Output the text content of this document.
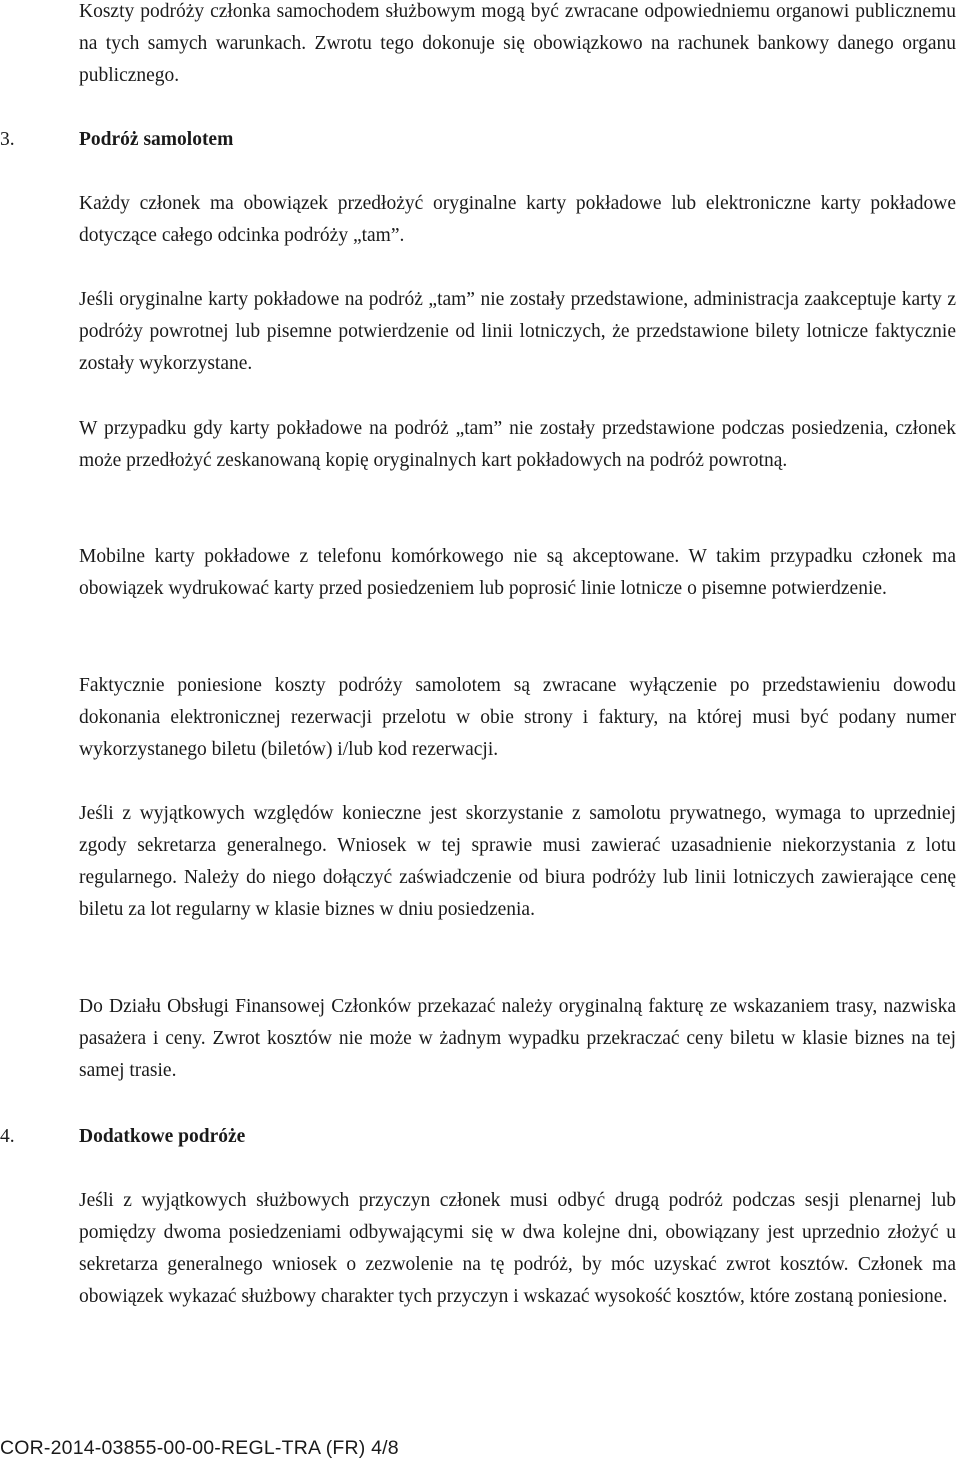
Koszty podróży członka samochodem służbowym mogą być zwracane odpowiedniemu organowi publicznemu na tych samych warunkach. Zwrotu tego dokonuje się obowiązkowo na rachunek bankowy danego organu publicznego.

3.	Podróż samolotem

Każdy członek ma obowiązek przedłożyć oryginalne karty pokładowe lub elektroniczne karty pokładowe dotyczące całego odcinka podróży „tam”.

Jeśli oryginalne karty pokładowe na podróż „tam” nie zostały przedstawione, administracja zaakceptuje karty z podróży powrotnej lub pisemne potwierdzenie od linii lotniczych, że przedstawione bilety lotnicze faktycznie zostały wykorzystane.

W przypadku gdy karty pokładowe na podróż „tam” nie zostały przedstawione podczas posiedzenia, członek może przedłożyć zeskanowaną kopię oryginalnych kart pokładowych na podróż powrotną.

Mobilne karty pokładowe z telefonu komórkowego nie są akceptowane. W takim przypadku członek ma obowiązek wydrukować karty przed posiedzeniem lub poprosić linie lotnicze o pisemne potwierdzenie.

Faktycznie poniesione koszty podróży samolotem są zwracane wyłączenie po przedstawieniu dowodu dokonania elektronicznej rezerwacji przelotu w obie strony i faktury, na której musi być podany numer wykorzystanego biletu (biletów) i/lub kod rezerwacji.

Jeśli z wyjątkowych względów konieczne jest skorzystanie z samolotu prywatnego, wymaga to uprzedniej zgody sekretarza generalnego. Wniosek w tej sprawie musi zawierać uzasadnienie niekorzystania z lotu regularnego. Należy do niego dołączyć zaświadczenie od biura podróży lub linii lotniczych zawierające cenę biletu za lot regularny w klasie biznes w dniu posiedzenia.

Do Działu Obsługi Finansowej Członków przekazać należy oryginalną fakturę ze wskazaniem trasy, nazwiska pasażera i ceny. Zwrot kosztów nie może w żadnym wypadku przekraczać ceny biletu w klasie biznes na tej samej trasie.

4.	Dodatkowe podróże

Jeśli z wyjątkowych służbowych przyczyn członek musi odbyć drugą podróż podczas sesji plenarnej lub pomiędzy dwoma posiedzeniami odbywającymi się w dwa kolejne dni, obowiązany jest uprzednio złożyć u sekretarza generalnego wniosek o zezwolenie na tę podróż, by móc uzyskać zwrot kosztów. Członek ma obowiązek wykazać służbowy charakter tych przyczyn i wskazać wysokość kosztów, które zostaną poniesione.

COR-2014-03855-00-00-REGL-TRA (FR) 4/8
